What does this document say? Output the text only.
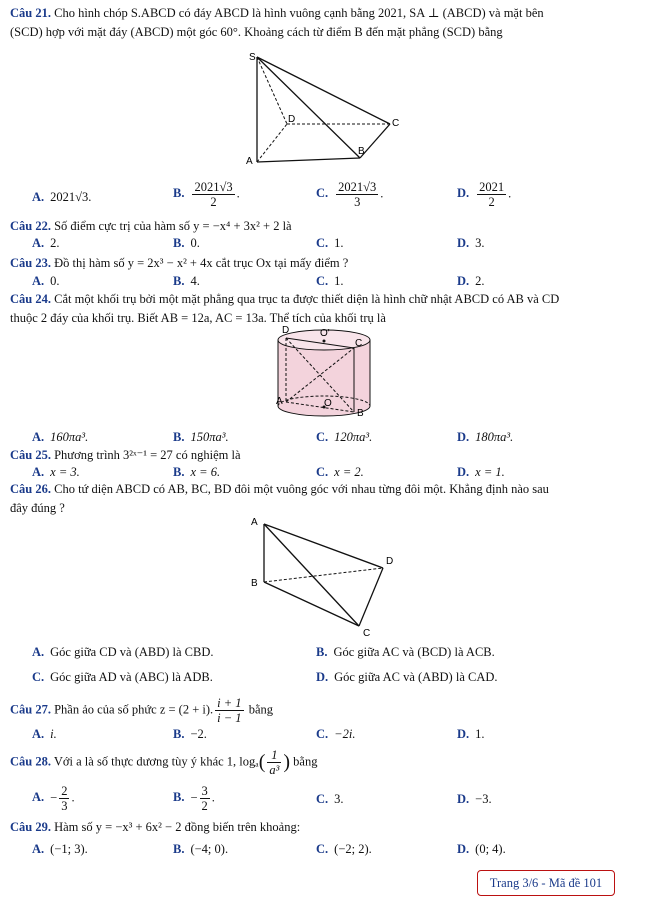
Câu 21. Cho hình chóp S.ABCD có đáy ABCD là hình vuông cạnh bằng 2021, SA ⊥ (ABCD) và mặt bên
(SCD) hợp với mặt đáy (ABCD) một góc 60°. Khoảng cách từ điểm B đến mặt phẳng (SCD) bằng
S
D	C
A
B
A. 2021√3.	B. $\frac{2021√3}{2}$ .	C. $\frac{2021√3}{3}$ .	D. $\frac{2021}{2}$ .
Câu 22. Số điểm cực trị của hàm số y = −x⁴ + 3x² + 2 là
A. 2.	B. 0.	C. 1.	D. 3.
Câu 23. Đồ thị hàm số y = 2x³ − x² + 4x cắt trục Ox tại mấy điểm ?
A. 0.	B. 4.	C. 1.	D. 2.
Câu 24. Cắt một khối trụ bởi một mặt phẳng qua trục ta được thiết diện là hình chữ nhật ABCD có AB và CD
thuộc 2 đáy của khối trụ. Biết AB = 12a, AC = 13a. Thể tích của khối trụ là
D	O'
C
A	O
B
A. 160πa³.	B. 150πa³.	C. 120πa³.	D. 180πa³.
Câu 25. Phương trình 3²ˣ⁻¹ = 27 có nghiệm là
A. x = 3.	B. x = 6.	C. x = 2.	D. x = 1.
Câu 26. Cho tứ diện ABCD có AB, BC, BD đôi một vuông góc với nhau từng đôi một. Khẳng định nào sau
đây đúng ?
A
D
B
C
A. Góc giữa CD và (ABD) là CBD.	B. Góc giữa AC và (BCD) là ACB.
C. Góc giữa AD và (ABC) là ADB.	D. Góc giữa AC và (ABD) là CAD.
Câu 27. Phần ảo của số phức z = (2 + i). $\frac{i + 1}{i - 1}$ bằng
A. i.	B. −2.	C. −2i.	D. 1.
Câu 28. Với a là số thực dương tùy ý khác 1, $\log_a( \frac{1}{\text{a³}}$ ) bằng
A. − $\frac{2}{3}$ .	B. − $\frac{3}{2}$ .	C. 3.	D. −3.
Câu 29. Hàm số y = −x³ + 6x² − 2 đồng biến trên khoảng:
A. (−1; 3).	B. (−4; 0).	C. (−2; 2).	D. (0; 4).
Trang 3/6 - Mã đề 101
